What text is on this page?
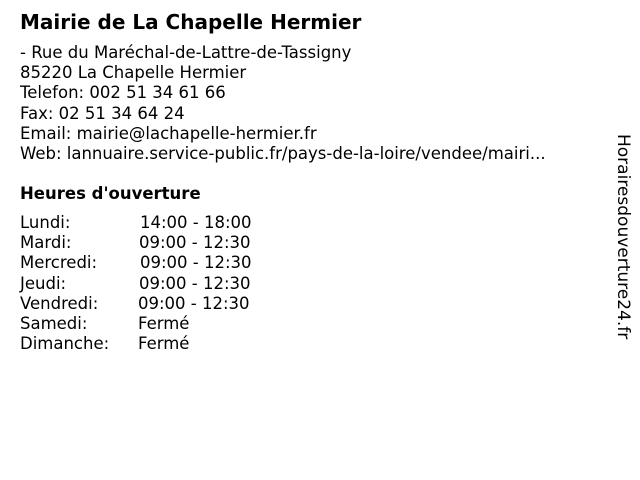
Mairie de La Chapelle Hermier
- Rue du Maréchal-de-Lattre-de-Tassigny
85220 La Chapelle Hermier
Telefon: 002 51 34 61 66
Fax: 02 51 34 64 24
Email: mairie@lachapelle-hermier.fr
Web: lannuaire.service-public.fr/pays-de-la-loire/vendee/mairi...
Heures d'ouverture
Lundi:	14:00 - 18:00
Mardi:	09:00 - 12:30
Mercredi:	09:00 - 12:30
Jeudi:	09:00 - 12:30
Vendredi: 09:00 - 12:30
Samedi:	Fermé
Dimanche: Fermé
Horairesdouverture24.fr
